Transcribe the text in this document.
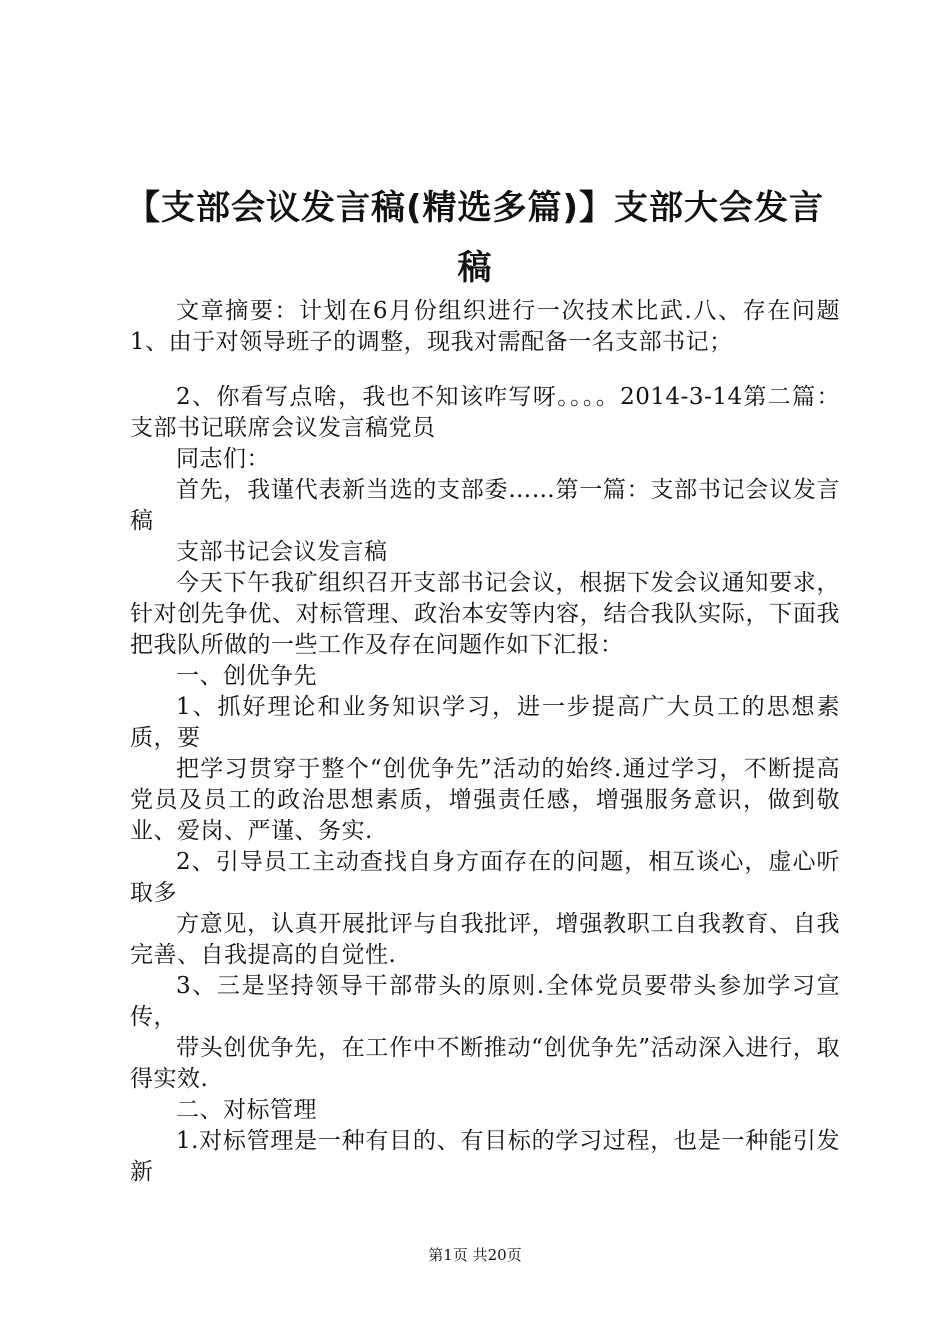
【支部会议发言稿(精选多篇)】支部大会发言稿

文章摘要：计划在6月份组织进行一次技术比武.八、存在问题1、由于对领导班子的调整，现我对需配备一名支部书记；

2、你看写点啥，我也不知该咋写呀。。。。2014-3-14第二篇：支部书记联席会议发言稿党员

同志们：

首先，我谨代表新当选的支部委……第一篇：支部书记会议发言稿

支部书记会议发言稿

今天下午我矿组织召开支部书记会议，根据下发会议通知要求，针对创先争优、对标管理、政治本安等内容，结合我队实际，下面我把我队所做的一些工作及存在问题作如下汇报：

一、创优争先

1、抓好理论和业务知识学习，进一步提高广大员工的思想素质，要

把学习贯穿于整个“创优争先”活动的始终.通过学习，不断提高党员及员工的政治思想素质，增强责任感，增强服务意识，做到敬业、爱岗、严谨、务实.

2、引导员工主动查找自身方面存在的问题，相互谈心，虚心听取多

方意见，认真开展批评与自我批评，增强教职工自我教育、自我完善、自我提高的自觉性.

3、三是坚持领导干部带头的原则.全体党员要带头参加学习宣传，

带头创优争先，在工作中不断推动“创优争先”活动深入进行，取得实效.

二、对标管理

1.对标管理是一种有目的、有目标的学习过程，也是一种能引发新

第1页 共20页
